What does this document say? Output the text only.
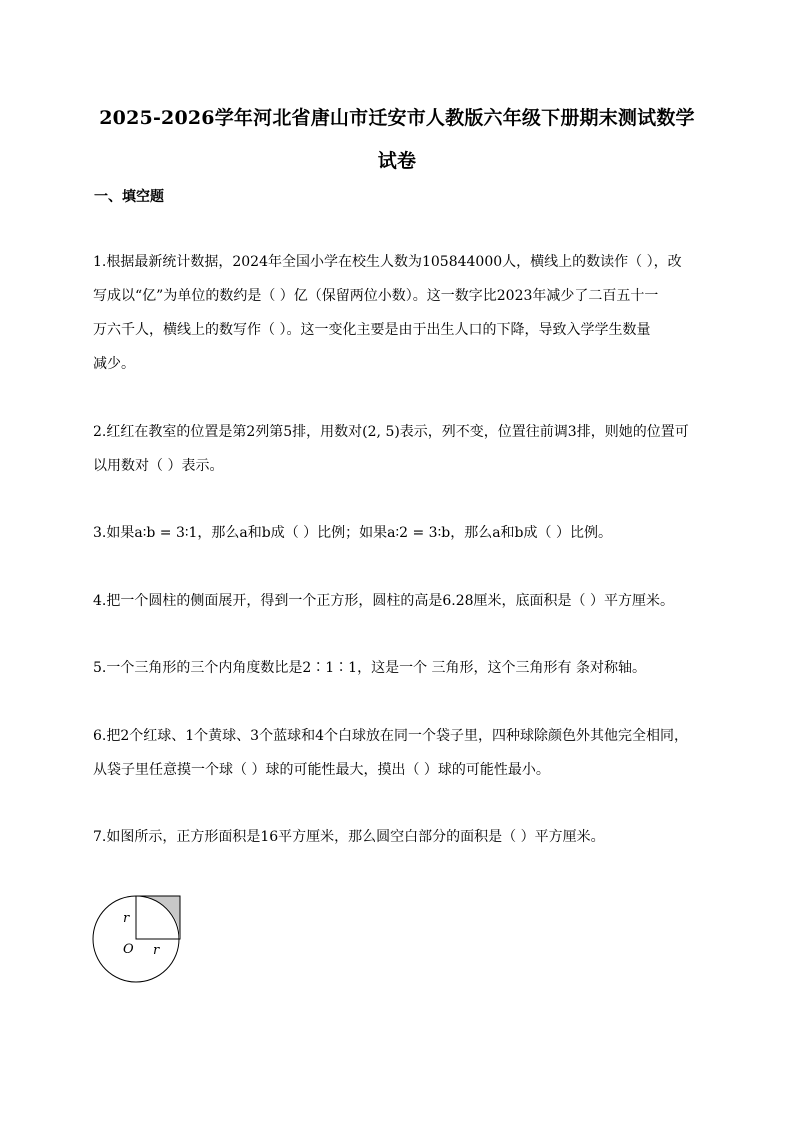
2025-2026学年河北省唐山市迁安市人教版六年级下册期末测试数学
试卷
一、填空题
1.根据最新统计数据，2024年全国小学在校生人数为105844000人，横线上的数读作（ ），改
写成以“亿”为单位的数约是（ ）亿（保留两位小数）。这一数字比2023年减少了二百五十一
万六千人，横线上的数写作（ ）。这一变化主要是由于出生人口的下降，导致入学学生数量
减少。
2.红红在教室的位置是第2列第5排，用数对(2, 5)表示，列不变，位置往前调3排，则她的位置可
以用数对（ ）表示。
3.如果a∶b = 3∶1，那么a和b成（ ）比例；如果a∶2 = 3∶b，那么a和b成（ ）比例。
4.把一个圆柱的侧面展开，得到一个正方形，圆柱的高是6.28厘米，底面积是（ ）平方厘米。
5.一个三角形的三个内角度数比是2∶1∶1，这是一个 三角形，这个三角形有 条对称轴。
6.把2个红球、1个黄球、3个蓝球和4个白球放在同一个袋子里，四种球除颜色外其他完全相同，
从袋子里任意摸一个球（ ）球的可能性最大，摸出（ ）球的可能性最小。
7.如图所示，正方形面积是16平方厘米，那么圆空白部分的面积是（ ）平方厘米。
r
r
O
